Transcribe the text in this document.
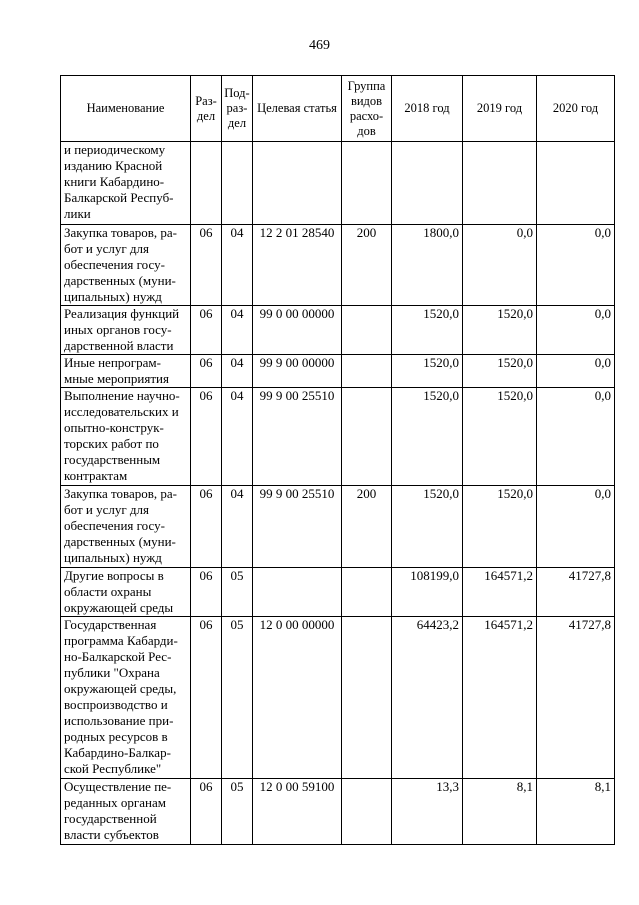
469
Наименование	Раз-дел	Под-раз-дел	Целевая статья	Группа видов расхо-дов	2018 год	2019 год	2020 год
и периодическому изданию Красной книги Кабардино-Балкарской Респуб-лики							
Закупка товаров, ра-бот и услуг для обеспечения госу-дарственных (муни-ципальных) нужд	06	04	12 2 01 28540	200	1800,0	0,0	0,0
Реализация функций иных органов госу-дарственной власти	06	04	99 0 00 00000		1520,0	1520,0	0,0
Иные непрограм-мные мероприятия	06	04	99 9 00 00000		1520,0	1520,0	0,0
Выполнение научно-исследовательских и опытно-конструк-торских работ по государственным контрактам	06	04	99 9 00 25510		1520,0	1520,0	0,0
Закупка товаров, ра-бот и услуг для обеспечения госу-дарственных (муни-ципальных) нужд	06	04	99 9 00 25510	200	1520,0	1520,0	0,0
Другие вопросы в области охраны окружающей среды	06	05			108199,0	164571,2	41727,8
Государственная программа Кабарди-но-Балкарской Рес-публики "Охрана окружающей среды, воспроизводство и использование при-родных ресурсов в Кабардино-Балкар-ской Республике"	06	05	12 0 00 00000		64423,2	164571,2	41727,8
Осуществление пе-реданных органам государственной власти субъектов	06	05	12 0 00 59100		13,3	8,1	8,1
